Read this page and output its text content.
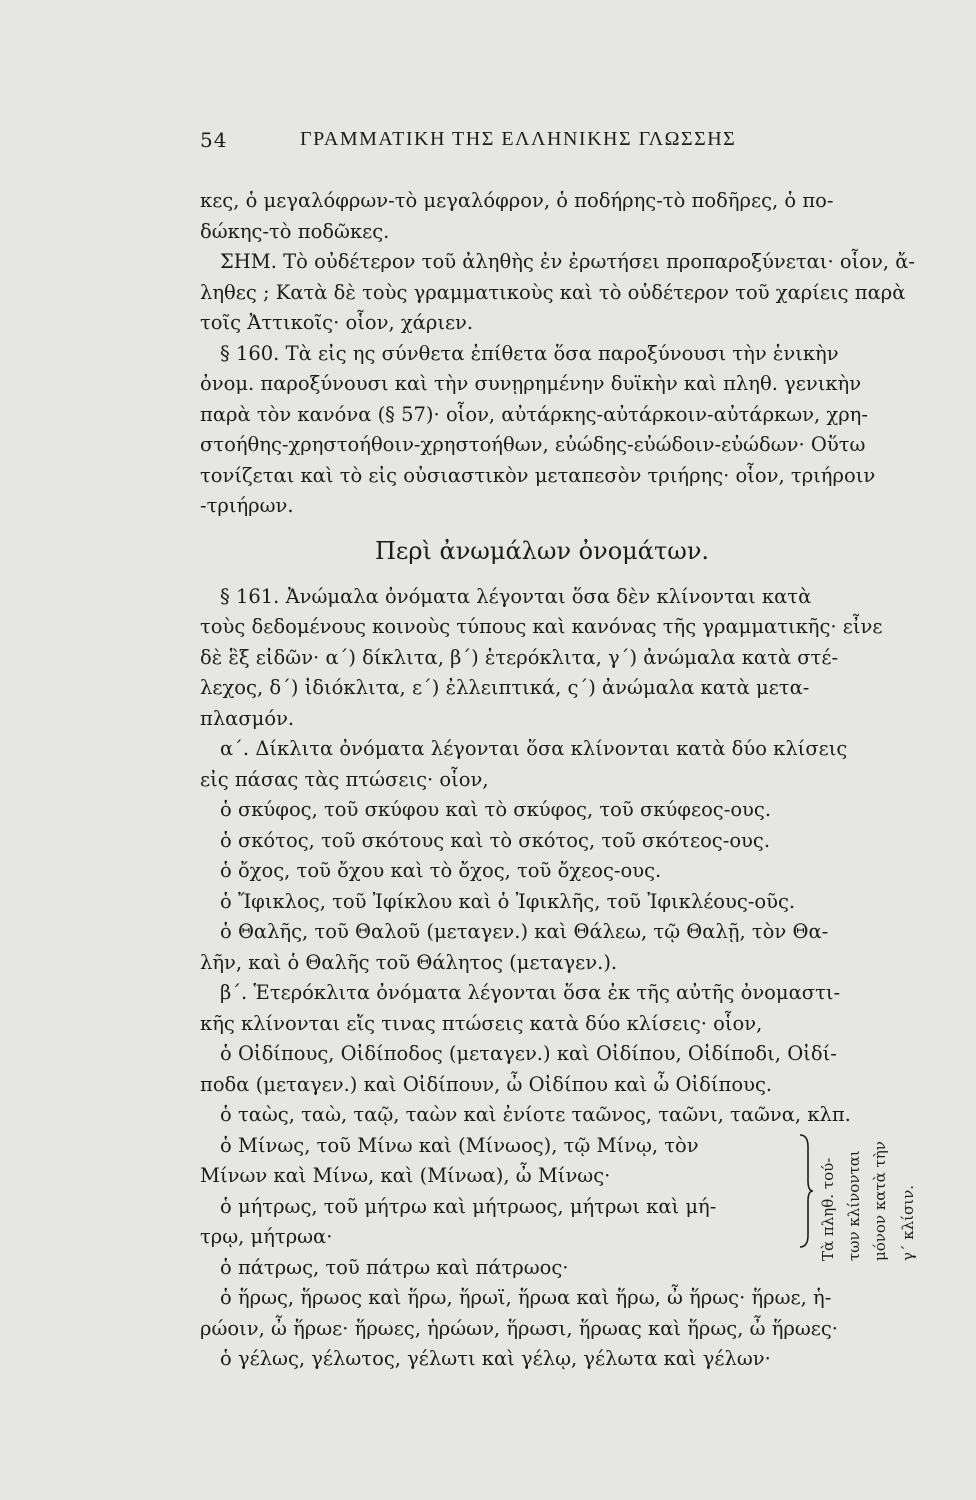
54	ΓΡΑΜΜΑΤΙΚΗ ΤΗΣ ΕΛΛΗΝΙΚΗΣ ΓΛΩΣΣΗΣ
κες, ὁ μεγαλόφρων-τὸ μεγαλόφρον, ὁ ποδήρης-τὸ ποδῆρες, ὁ πο-
δώκης-τὸ ποδῶκες.
ΣΗΜ. Τὸ οὐδέτερον τοῦ ἀληθὴς ἐν ἐρωτήσει προπαροξύνεται· οἷον, ἄ-
ληθες ; Κατὰ δὲ τοὺς γραμματικοὺς καὶ τὸ οὐδέτερον τοῦ χαρίεις παρὰ
τοῖς Ἀττικοῖς· οἷον, χάριεν.
§ 160. Τὰ εἰς ης σύνθετα ἐπίθετα ὅσα παροξύνουσι τὴν ἑνικὴν
ὀνομ. παροξύνουσι καὶ τὴν συνῃρημένην δυϊκὴν καὶ πληθ. γενικὴν
παρὰ τὸν κανόνα (§ 57)· οἷον, αὐτάρκης-αὐτάρκοιν-αὐτάρκων, χρη-
στοήθης-χρηστοήθοιν-χρηστοήθων, εὐώδης-εὐώδοιν-εὐώδων· Οὕτω
τονίζεται καὶ τὸ εἰς οὐσιαστικὸν μεταπεσὸν τριήρης· οἷον, τριήροιν
-τριήρων.
Περὶ ἀνωμάλων ὀνομάτων.
§ 161. Ἀνώμαλα ὀνόματα λέγονται ὅσα δὲν κλίνονται κατὰ
τοὺς δεδομένους κοινοὺς τύπους καὶ κανόνας τῆς γραμματικῆς· εἶνε
δὲ ἓξ εἰδῶν· α΄) δίκλιτα, β΄) ἑτερόκλιτα, γ΄) ἀνώμαλα κατὰ στέ-
λεχος, δ΄) ἰδιόκλιτα, ε΄) ἐλλειπτικά, ς΄) ἀνώμαλα κατὰ μετα-
πλασμόν.
α΄. Δίκλιτα ὀνόματα λέγονται ὅσα κλίνονται κατὰ δύο κλίσεις
εἰς πάσας τὰς πτώσεις· οἷον,
ὁ σκύφος, τοῦ σκύφου καὶ τὸ σκύφος, τοῦ σκύφεος-ους.
ὁ σκότος, τοῦ σκότους καὶ τὸ σκότος, τοῦ σκότεος-ους.
ὁ ὄχος, τοῦ ὄχου καὶ τὸ ὄχος, τοῦ ὄχεος-ους.
ὁ Ἴφικλος, τοῦ Ἰφίκλου καὶ ὁ Ἰφικλῆς, τοῦ Ἰφικλέους-οῦς.
ὁ Θαλῆς, τοῦ Θαλοῦ (μεταγεν.) καὶ Θάλεω, τῷ Θαλῇ, τὸν Θα-
λῆν, καὶ ὁ Θαλῆς τοῦ Θάλητος (μεταγεν.).
β΄. Ἑτερόκλιτα ὀνόματα λέγονται ὅσα ἐκ τῆς αὐτῆς ὀνομαστι-
κῆς κλίνονται εἴς τινας πτώσεις κατὰ δύο κλίσεις· οἷον,
ὁ Οἰδίπους, Οἰδίποδος (μεταγεν.) καὶ Οἰδίπου, Οἰδίποδι, Οἰδί-
ποδα (μεταγεν.) καὶ Οἰδίπουν, ὦ Οἰδίπου καὶ ὦ Οἰδίπους.
ὁ ταὼς, ταὼ, ταῷ, ταὼν καὶ ἐνίοτε ταῶνος, ταῶνι, ταῶνα, κλπ.
ὁ Μίνως, τοῦ Μίνω καὶ (Μίνωος), τῷ Μίνῳ, τὸν
Μίνων καὶ Μίνω, καὶ (Μίνωα), ὦ Μίνως·
ὁ μήτρως, τοῦ μήτρω καὶ μήτρωος, μήτρωι καὶ μή-
τρῳ, μήτρωα·
ὁ πάτρως, τοῦ πάτρω καὶ πάτρωος·
Τὰ πληθ. τού- των κλίνονται μόνον κατὰ τὴν γ΄ κλίσιν.
ὁ ἥρως, ἥρωος καὶ ἥρω, ἥρωϊ, ἥρωα καὶ ἥρω, ὦ ἥρως· ἥρωε, ἡ-
ρώοιν, ὦ ἥρωε· ἥρωες, ἡρώων, ἥρωσι, ἥρωας καὶ ἥρως, ὦ ἥρωες·
ὁ γέλως, γέλωτος, γέλωτι καὶ γέλῳ, γέλωτα καὶ γέλων·
